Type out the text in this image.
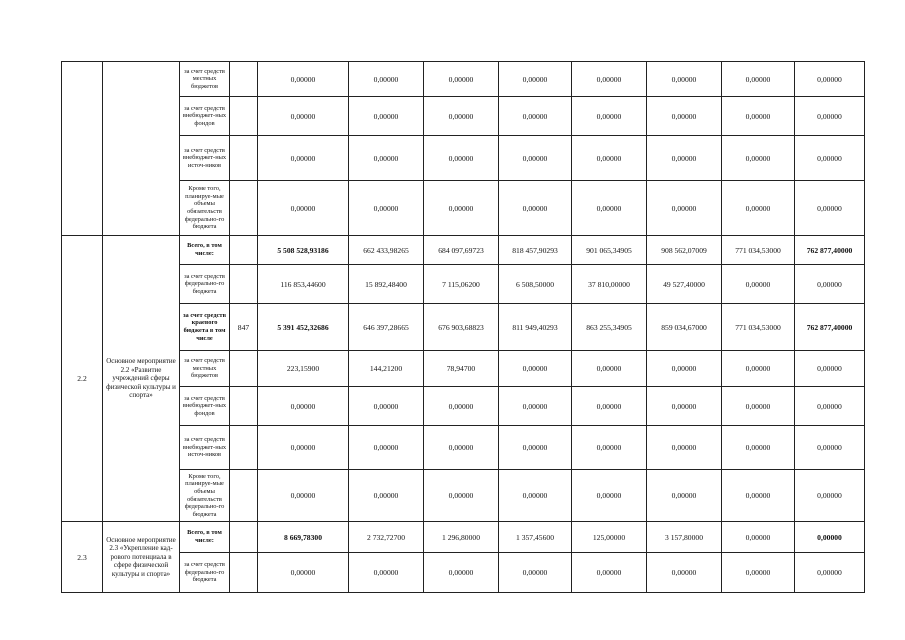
		за счет средств местных бюджетов		0,00000	0,00000	0,00000	0,00000	0,00000	0,00000	0,00000	0,00000
		за счет средств внебюджет-ных фондов		0,00000	0,00000	0,00000	0,00000	0,00000	0,00000	0,00000	0,00000
		за счет средств внебюджет-ных источ-ников		0,00000	0,00000	0,00000	0,00000	0,00000	0,00000	0,00000	0,00000
		Кроме того, планируе-мые объемы обязательств федерально-го бюджета		0,00000	0,00000	0,00000	0,00000	0,00000	0,00000	0,00000	0,00000
2.2	Основное мероприятие 2.2 «Развитие учреждений сферы физической культуры и спорта»	Всего, в том числе:		5 508 528,93186	662 433,98265	684 097,69723	818 457,90293	901 065,34905	908 562,07009	771 034,53000	762 877,40000
		за счет средств федерально-го бюджета		116 853,44600	15 892,48400	7 115,06200	6 508,50000	37 810,00000	49 527,40000	0,00000	0,00000
		за счет средств краевого бюджета в том числе	847	5 391 452,32686	646 397,28665	676 903,68823	811 949,40293	863 255,34905	859 034,67000	771 034,53000	762 877,40000
		за счет средств местных бюджетов		223,15900	144,21200	78,94700	0,00000	0,00000	0,00000	0,00000	0,00000
		за счет средств внебюджет-ных фондов		0,00000	0,00000	0,00000	0,00000	0,00000	0,00000	0,00000	0,00000
		за счет средств внебюджет-ных источ-ников		0,00000	0,00000	0,00000	0,00000	0,00000	0,00000	0,00000	0,00000
		Кроме того, планируе-мые объемы обязательств федерально-го бюджета		0,00000	0,00000	0,00000	0,00000	0,00000	0,00000	0,00000	0,00000
2.3	Основное мероприятие 2.3 «Укрепление кад-рового потенциала в сфере физической культуры и спорта»	Всего, в том числе:		8 669,78300	2 732,72700	1 296,80000	1 357,45600	125,00000	3 157,80000	0,00000	0,00000
		за счет средств федерально-го бюджета		0,00000	0,00000	0,00000	0,00000	0,00000	0,00000	0,00000	0,00000
